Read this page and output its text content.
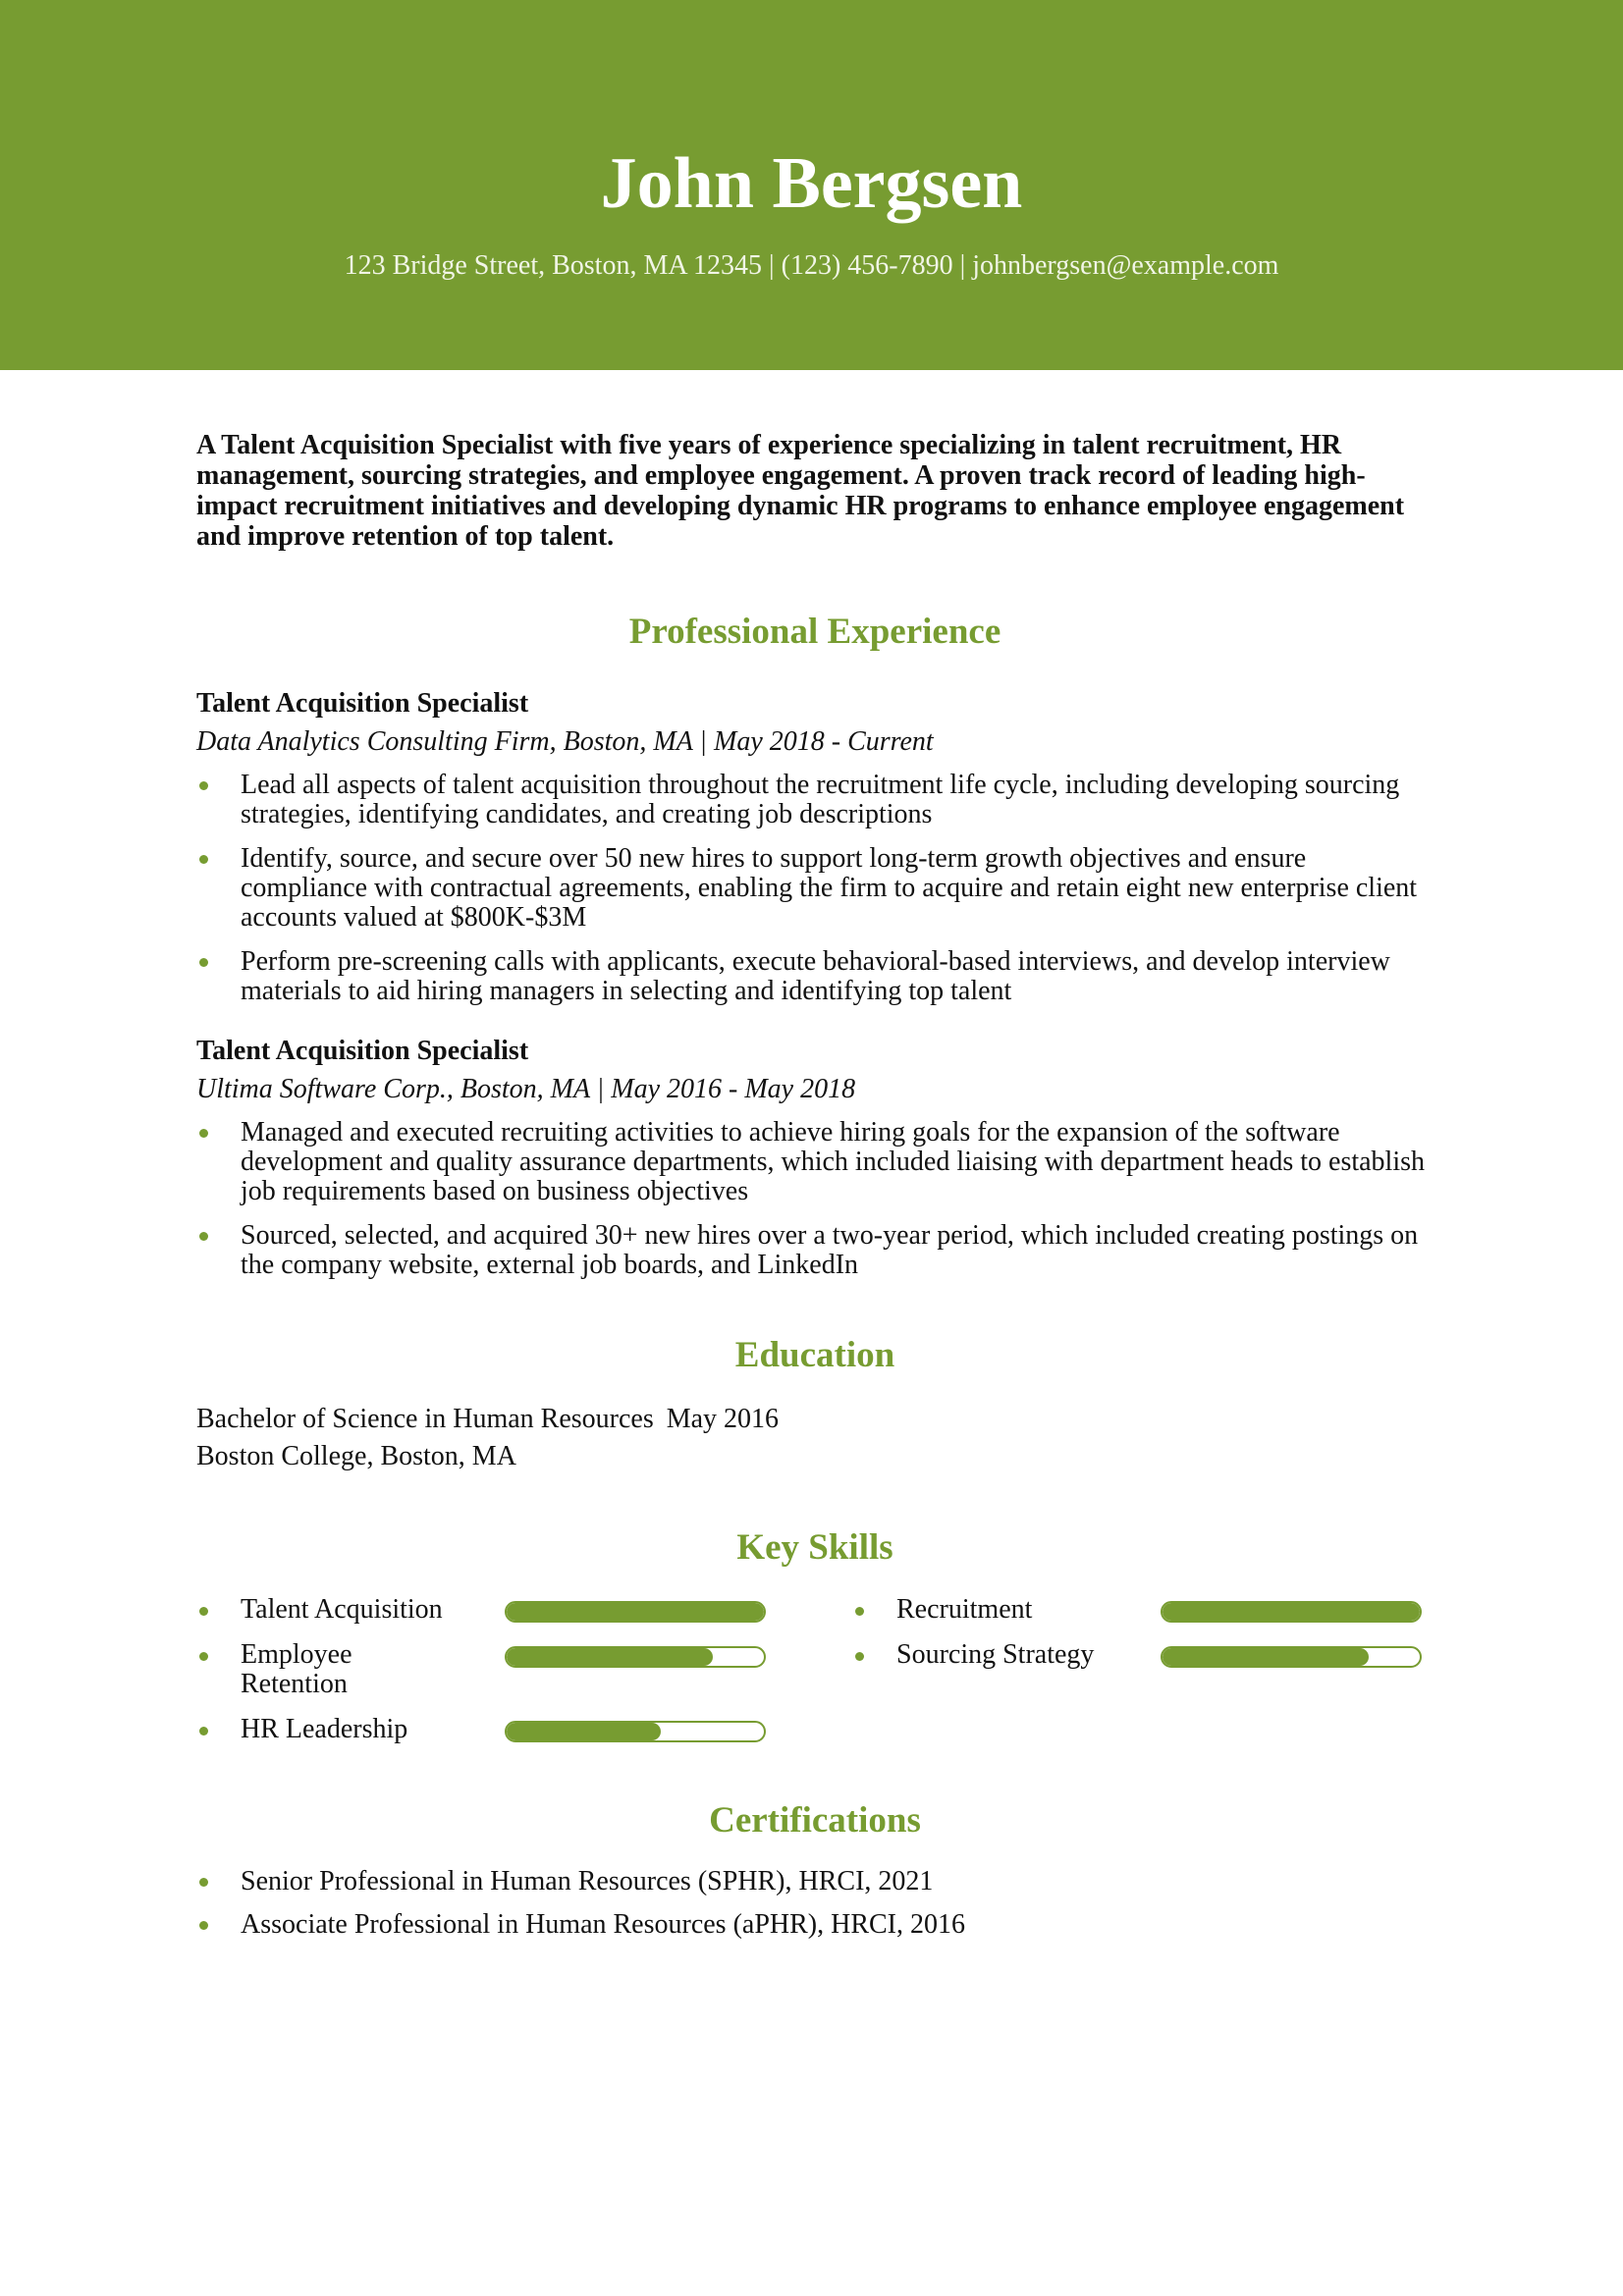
John Bergsen
123 Bridge Street, Boston, MA 12345 | (123) 456-7890 | johnbergsen@example.com

A Talent Acquisition Specialist with five years of experience specializing in talent recruitment, HR management, sourcing strategies, and employee engagement. A proven track record of leading high-impact recruitment initiatives and developing dynamic HR programs to enhance employee engagement and improve retention of top talent.

Professional Experience
Talent Acquisition Specialist
Data Analytics Consulting Firm, Boston, MA | May 2018 - Current
Lead all aspects of talent acquisition throughout the recruitment life cycle, including developing sourcing strategies, identifying candidates, and creating job descriptions
Identify, source, and secure over 50 new hires to support long-term growth objectives and ensure compliance with contractual agreements, enabling the firm to acquire and retain eight new enterprise client accounts valued at $800K-$3M
Perform pre-screening calls with applicants, execute behavioral-based interviews, and develop interview materials to aid hiring managers in selecting and identifying top talent
Talent Acquisition Specialist
Ultima Software Corp., Boston, MA | May 2016 - May 2018
Managed and executed recruiting activities to achieve hiring goals for the expansion of the software development and quality assurance departments, which included liaising with department heads to establish job requirements based on business objectives
Sourced, selected, and acquired 30+ new hires over a two-year period, which included creating postings on the company website, external job boards, and LinkedIn
Education
Bachelor of Science in Human Resources May 2016
Boston College, Boston, MA
Key Skills
Talent Acquisition	Recruitment
Employee Retention
Sourcing Strategy
HR Leadership
Certifications
Senior Professional in Human Resources (SPHR), HRCI, 2021
Associate Professional in Human Resources (aPHR), HRCI, 2016
